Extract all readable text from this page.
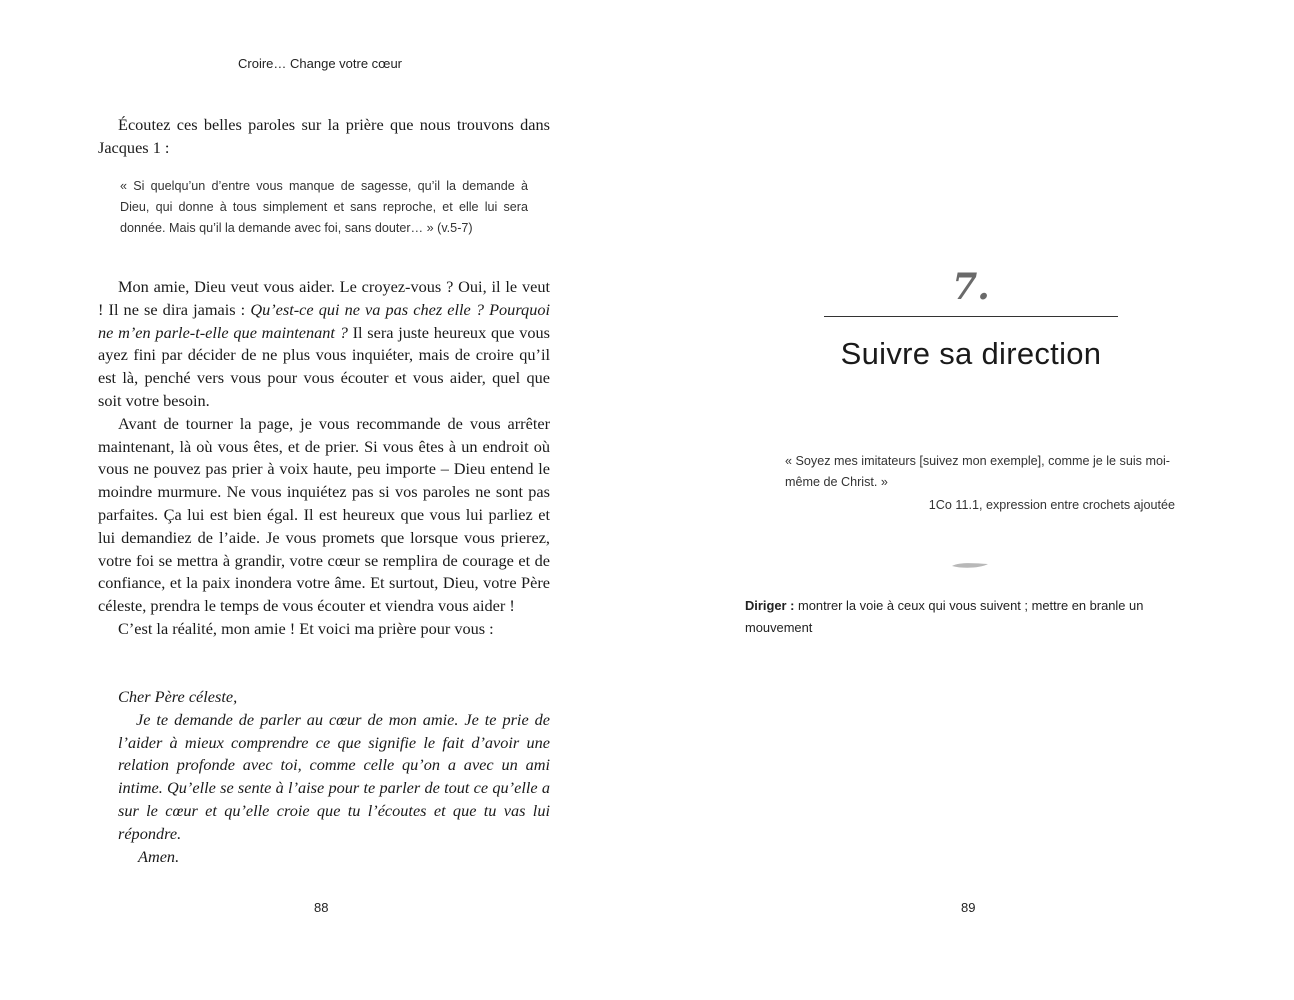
Croire… Change votre cœur

Écoutez ces belles paroles sur la prière que nous trouvons dans Jacques 1 :

« Si quelqu’un d’entre vous manque de sagesse, qu’il la demande à Dieu, qui donne à tous simplement et sans reproche, et elle lui sera donnée. Mais qu’il la demande avec foi, sans douter… » (v.5-7)

Mon amie, Dieu veut vous aider. Le croyez-vous ? Oui, il le veut ! Il ne se dira jamais : Qu’est-ce qui ne va pas chez elle ? Pourquoi ne m’en parle-t-elle que maintenant ? Il sera juste heureux que vous ayez fini par décider de ne plus vous inquiéter, mais de croire qu’il est là, penché vers vous pour vous écouter et vous aider, quel que soit votre besoin.

Avant de tourner la page, je vous recommande de vous arrêter maintenant, là où vous êtes, et de prier. Si vous êtes à un endroit où vous ne pouvez pas prier à voix haute, peu importe – Dieu entend le moindre murmure. Ne vous inquiétez pas si vos paroles ne sont pas parfaites. Ça lui est bien égal. Il est heureux que vous lui parliez et lui demandiez de l’aide. Je vous promets que lorsque vous prierez, votre foi se mettra à grandir, votre cœur se remplira de courage et de confiance, et la paix inondera votre âme. Et surtout, Dieu, votre Père céleste, prendra le temps de vous écouter et viendra vous aider !

C’est la réalité, mon amie ! Et voici ma prière pour vous :

Cher Père céleste,

Je te demande de parler au cœur de mon amie. Je te prie de l’aider à mieux comprendre ce que signifie le fait d’avoir une relation profonde avec toi, comme celle qu’on a avec un ami intime. Qu’elle se sente à l’aise pour te parler de tout ce qu’elle a sur le cœur et qu’elle croie que tu l’écoutes et que tu vas lui répondre.

Amen.

88
7.
Suivre sa direction

« Soyez mes imitateurs [suivez mon exemple], comme je le suis moi-même de Christ. »

1Co 11.1, expression entre crochets ajoutée

Diriger : montrer la voie à ceux qui vous suivent ; mettre en branle un mouvement

89
